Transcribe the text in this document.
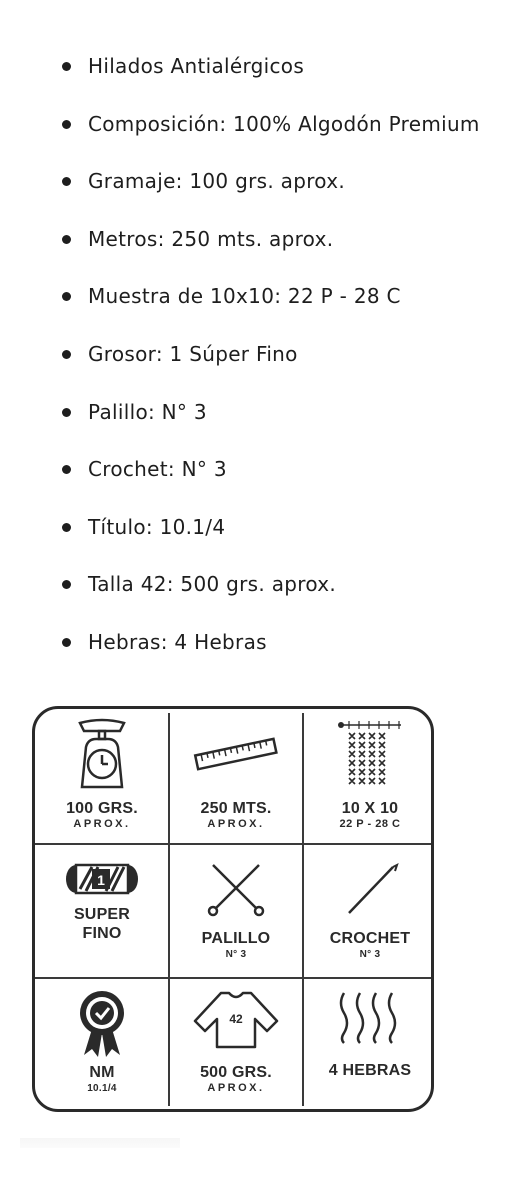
Hilados Antialérgicos
Composición: 100% Algodón Premium
Gramaje: 100 grs. aprox.
Metros: 250 mts. aprox.
Muestra de 10x10: 22 P - 28 C
Grosor: 1 Súper Fino
Palillo: N° 3
Crochet: N° 3
Título: 10.1/4
Talla 42: 500 grs. aprox.
Hebras: 4 Hebras
100 GRS.
APROX.
250 MTS.
APROX.
10 X 10
22 P - 28 C
1
SUPER
FINO	PALILLO
N° 3
CROCHET
N° 3
NM
10.1/4
42
500 GRS.
APROX.
4 HEBRAS
